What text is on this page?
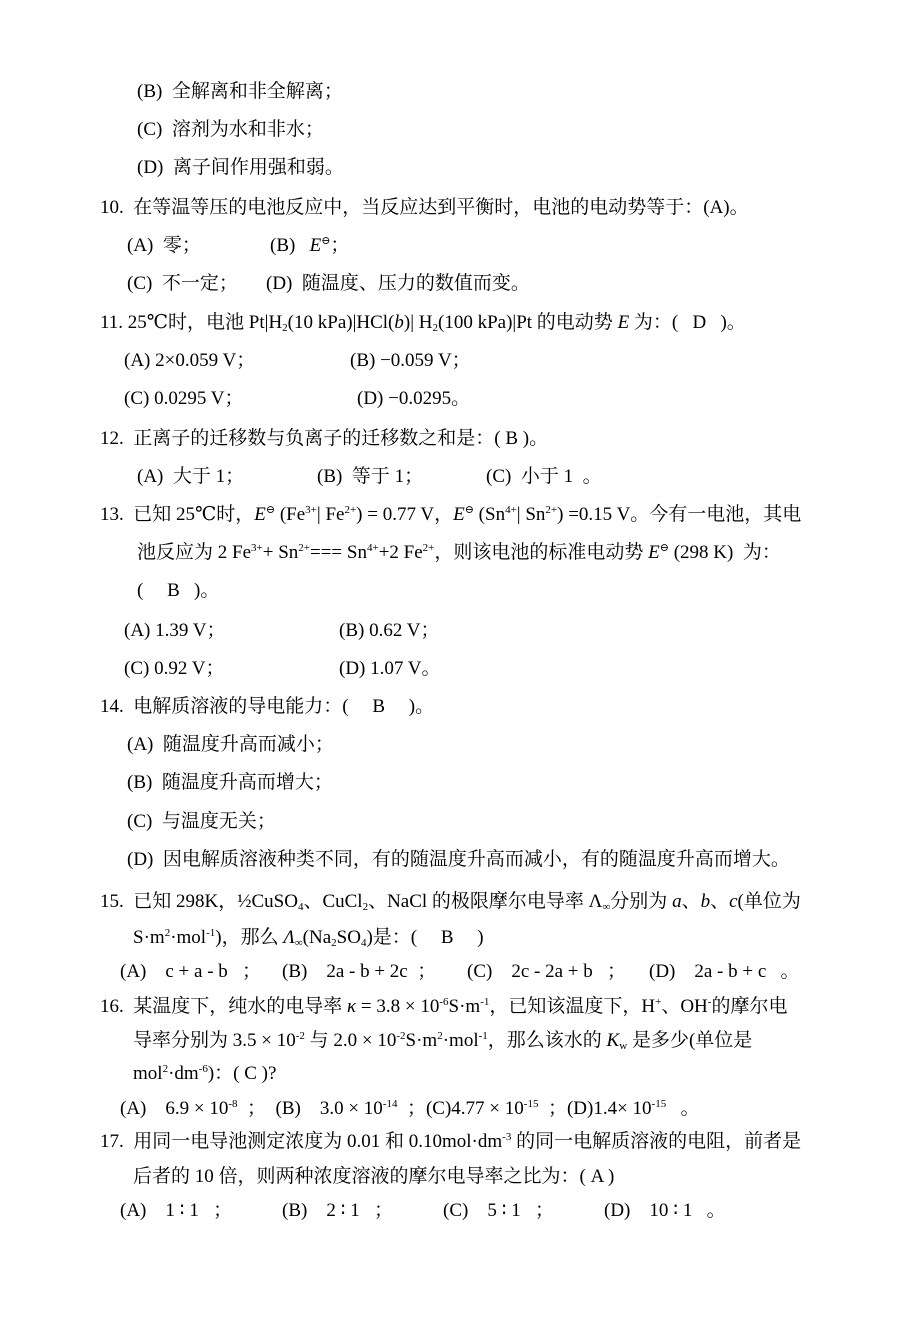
(B)  全解离和非全解离；
(C)  溶剂为水和非水；
(D)  离子间作用强和弱。
10.  在等温等压的电池反应中，当反应达到平衡时，电池的电动势等于：(A)。

(A)  零；

	(B)   E⊖；

(C)  不一定；

(D)  随温度、压力的数值而变。

11. 25℃时，电池 $Pt|H_2(10$ kPa)|HCl(b)| $H_2(100$ kPa)|Pt 的电动势 E 为：(   D   )。

(A) 2×0.059 V；

	(B) −0.059 V；

(C) 0.0295 V；

	(D) −0.0295。

12.  正离子的迁移数与负离子的迁移数之和是：( B )。

(A)  大于 1；

	(B)  等于 1；

	(C)  小于 1  。

13.  已知 25℃时，E⊖ ($Fe^{3+}|$ $Fe^{2+}) = 0.77$ V，E⊖ ($Sn^{4+}|$ $Sn^{2+}) =0.15$ V。今有一电池，其电
池反应为 2 $Fe^{3+}+ Sn^{2+}=== Sn^{4+}+2$ $Fe^{2+}$，则该电池的标准电动势 E⊖ (298 K)  为：
(     B   )。

(A) 1.39 V；

	(B) 0.62 V；

(C) 0.92 V；

	(D) 1.07 V。

14.  电解质溶液的导电能力：(     B     )。
(A)  随温度升高而减小；
(B)  随温度升高而增大；
(C)  与温度无关；
(D)  因电解质溶液种类不同，有的随温度升高而减小，有的随温度升高而增大。
15.  已知 298K，½CuSO$_4$、CuCl$_2$、NaCl 的极限摩尔电导率 $\Lambda_\infty$分别为 a、b、c(单位为
$S\cdot m^2\cdot mol^{-1}$)，那么 $\Lambda_\infty(Na_2SO_4)$是：(     B     )

(A)    c + a - b   ；

(B)    2a - b + 2c  ；

(C)    2c - 2a + b   ；

(D)    2a - b + c   。

16.  某温度下，纯水的电导率 $\kappa = 3.8 \times 10^{-6}S\cdot m^{-1}$，已知该温度下，H+、OH-的摩尔电
导率分别为 $3.5 \times 10^{-2}$ 与 $2.0 \times 10^{-2}S\cdot m^2\cdot mol^{-1}$，那么该水的 $K_w$ 是多少(单位是
$mol^2\cdot dm^{-6}$)：( C )?
(A)    $6.9 \times 10^{-8}$  ；  (B)    $3.0 \times 10^{-14}$  ；$(C)4.77 \times 10^{-15}$  ；$(D)1.4\times 10^{-15}$   。
17.  用同一电导池测定浓度为 0.01 和 $0.10mol\cdot dm^{-3}$ 的同一电解质溶液的电阻，前者是
后者的 10 倍，则两种浓度溶液的摩尔电导率之比为：( A )

(A)    1 ∶ 1   ；

	(B)    2 ∶ 1   ；

	(C)    5 ∶ 1   ；

	(D)    10 ∶ 1   。
